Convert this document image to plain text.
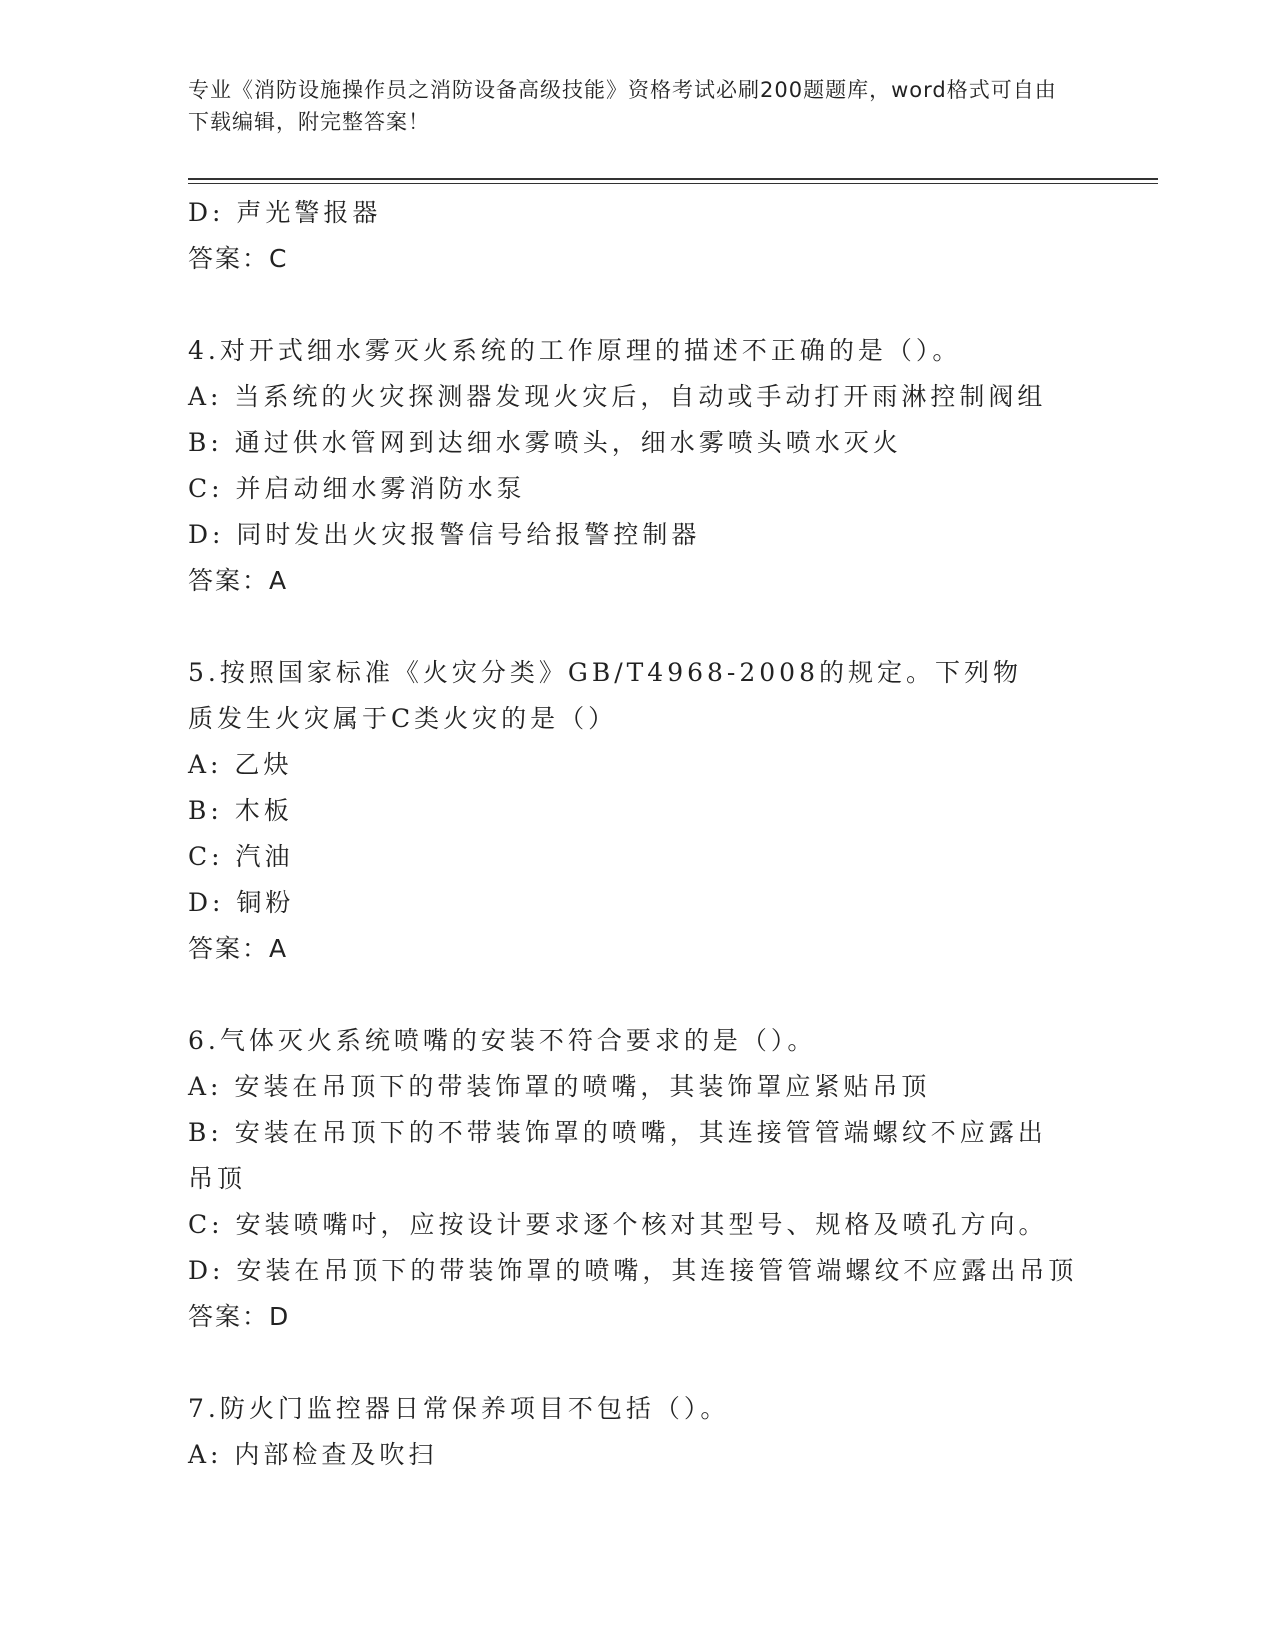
专业《消防设施操作员之消防设备高级技能》资格考试必刷200题题库，word格式可自由下载编辑，附完整答案！
D: 声光警报器
答案：C
4.对开式细水雾灭火系统的工作原理的描述不正确的是（）。
A: 当系统的火灾探测器发现火灾后，自动或手动打开雨淋控制阀组
B: 通过供水管网到达细水雾喷头，细水雾喷头喷水灭火
C: 并启动细水雾消防水泵
D: 同时发出火灾报警信号给报警控制器
答案：A
5.按照国家标准《火灾分类》GB/T4968-2008的规定。下列物质发生火灾属于C类火灾的是（）
A: 乙炔
B: 木板
C: 汽油
D: 铜粉
答案：A
6.气体灭火系统喷嘴的安装不符合要求的是（）。
A: 安装在吊顶下的带装饰罩的喷嘴，其装饰罩应紧贴吊顶
B: 安装在吊顶下的不带装饰罩的喷嘴，其连接管管端螺纹不应露出吊顶
C: 安装喷嘴吋，应按设计要求逐个核对其型号、规格及喷孔方向。
D: 安装在吊顶下的带装饰罩的喷嘴，其连接管管端螺纹不应露出吊顶
答案：D
7.防火门监控器日常保养项目不包括（）。
A: 内部检查及吹扫
